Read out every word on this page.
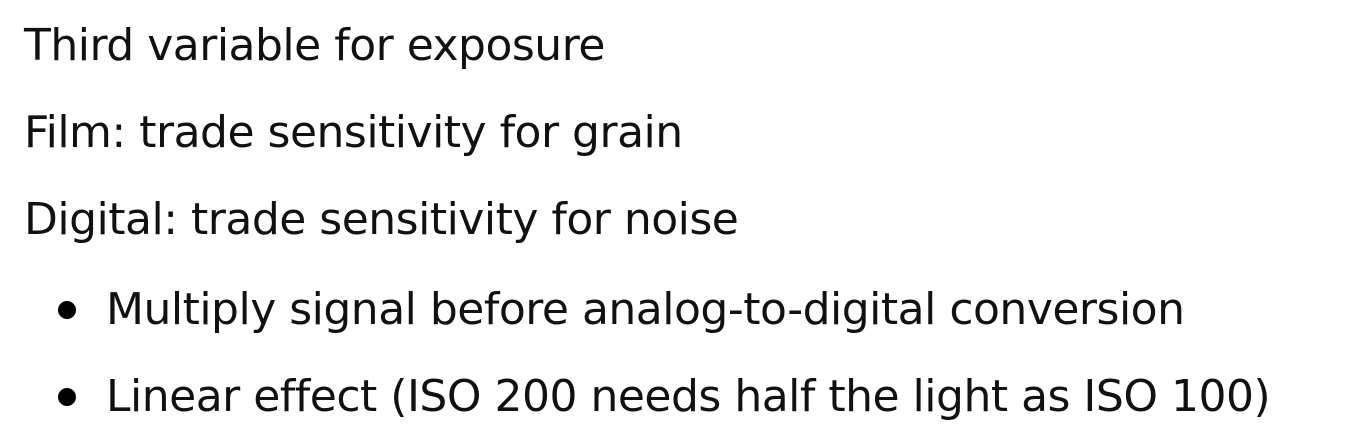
Third variable for exposure
Film: trade sensitivity for grain
Digital: trade sensitivity for noise
Multiply signal before analog-to-digital conversion
Linear effect (ISO 200 needs half the light as ISO 100)
